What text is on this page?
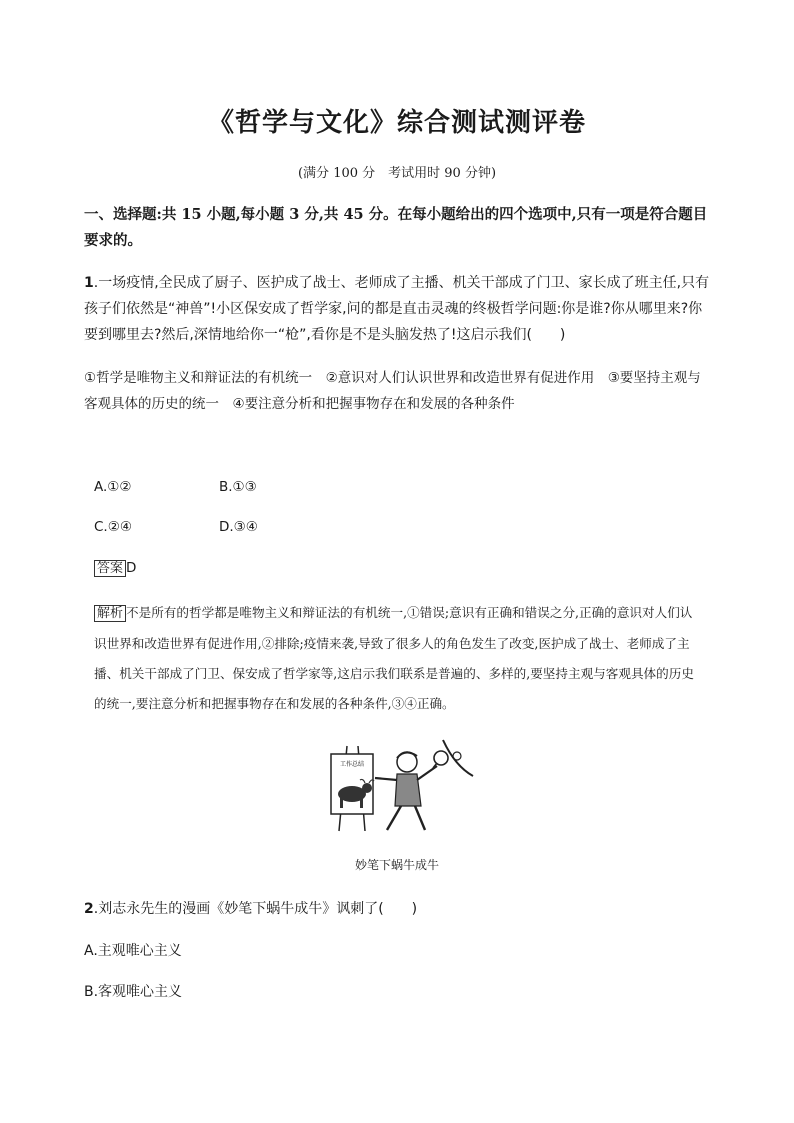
《哲学与文化》综合测试测评卷
(满分 100 分　考试用时 90 分钟)
一、选择题:共 15 小题,每小题 3 分,共 45 分。在每小题给出的四个选项中,只有一项是符合题目要求的。
1.一场疫情,全民成了厨子、医护成了战士、老师成了主播、机关干部成了门卫、家长成了班主任,只有孩子们依然是“神兽”!小区保安成了哲学家,问的都是直击灵魂的终极哲学问题:你是谁?你从哪里来?你要到哪里去?然后,深情地给你一“枪”,看你是不是头脑发热了!这启示我们(　　)
①哲学是唯物主义和辩证法的有机统一　②意识对人们认识世界和改造世界有促进作用　③要坚持主观与客观具体的历史的统一　④要注意分析和把握事物存在和发展的各种条件
A.①②	B.①③
C.②④	D.③④
答案 D
解析 不是所有的哲学都是唯物主义和辩证法的有机统一,①错误;意识有正确和错误之分,正确的意识对人们认识世界和改造世界有促进作用,②排除;疫情来袭,导致了很多人的角色发生了改变,医护成了战士、老师成了主播、机关干部成了门卫、保安成了哲学家等,这启示我们联系是普遍的、多样的,要坚持主观与客观具体的历史的统一,要注意分析和把握事物存在和发展的各种条件,③④正确。
工作总结
妙笔下蜗牛成牛
2.刘志永先生的漫画《妙笔下蜗牛成牛》讽刺了(　　)
A.主观唯心主义
B.客观唯心主义
